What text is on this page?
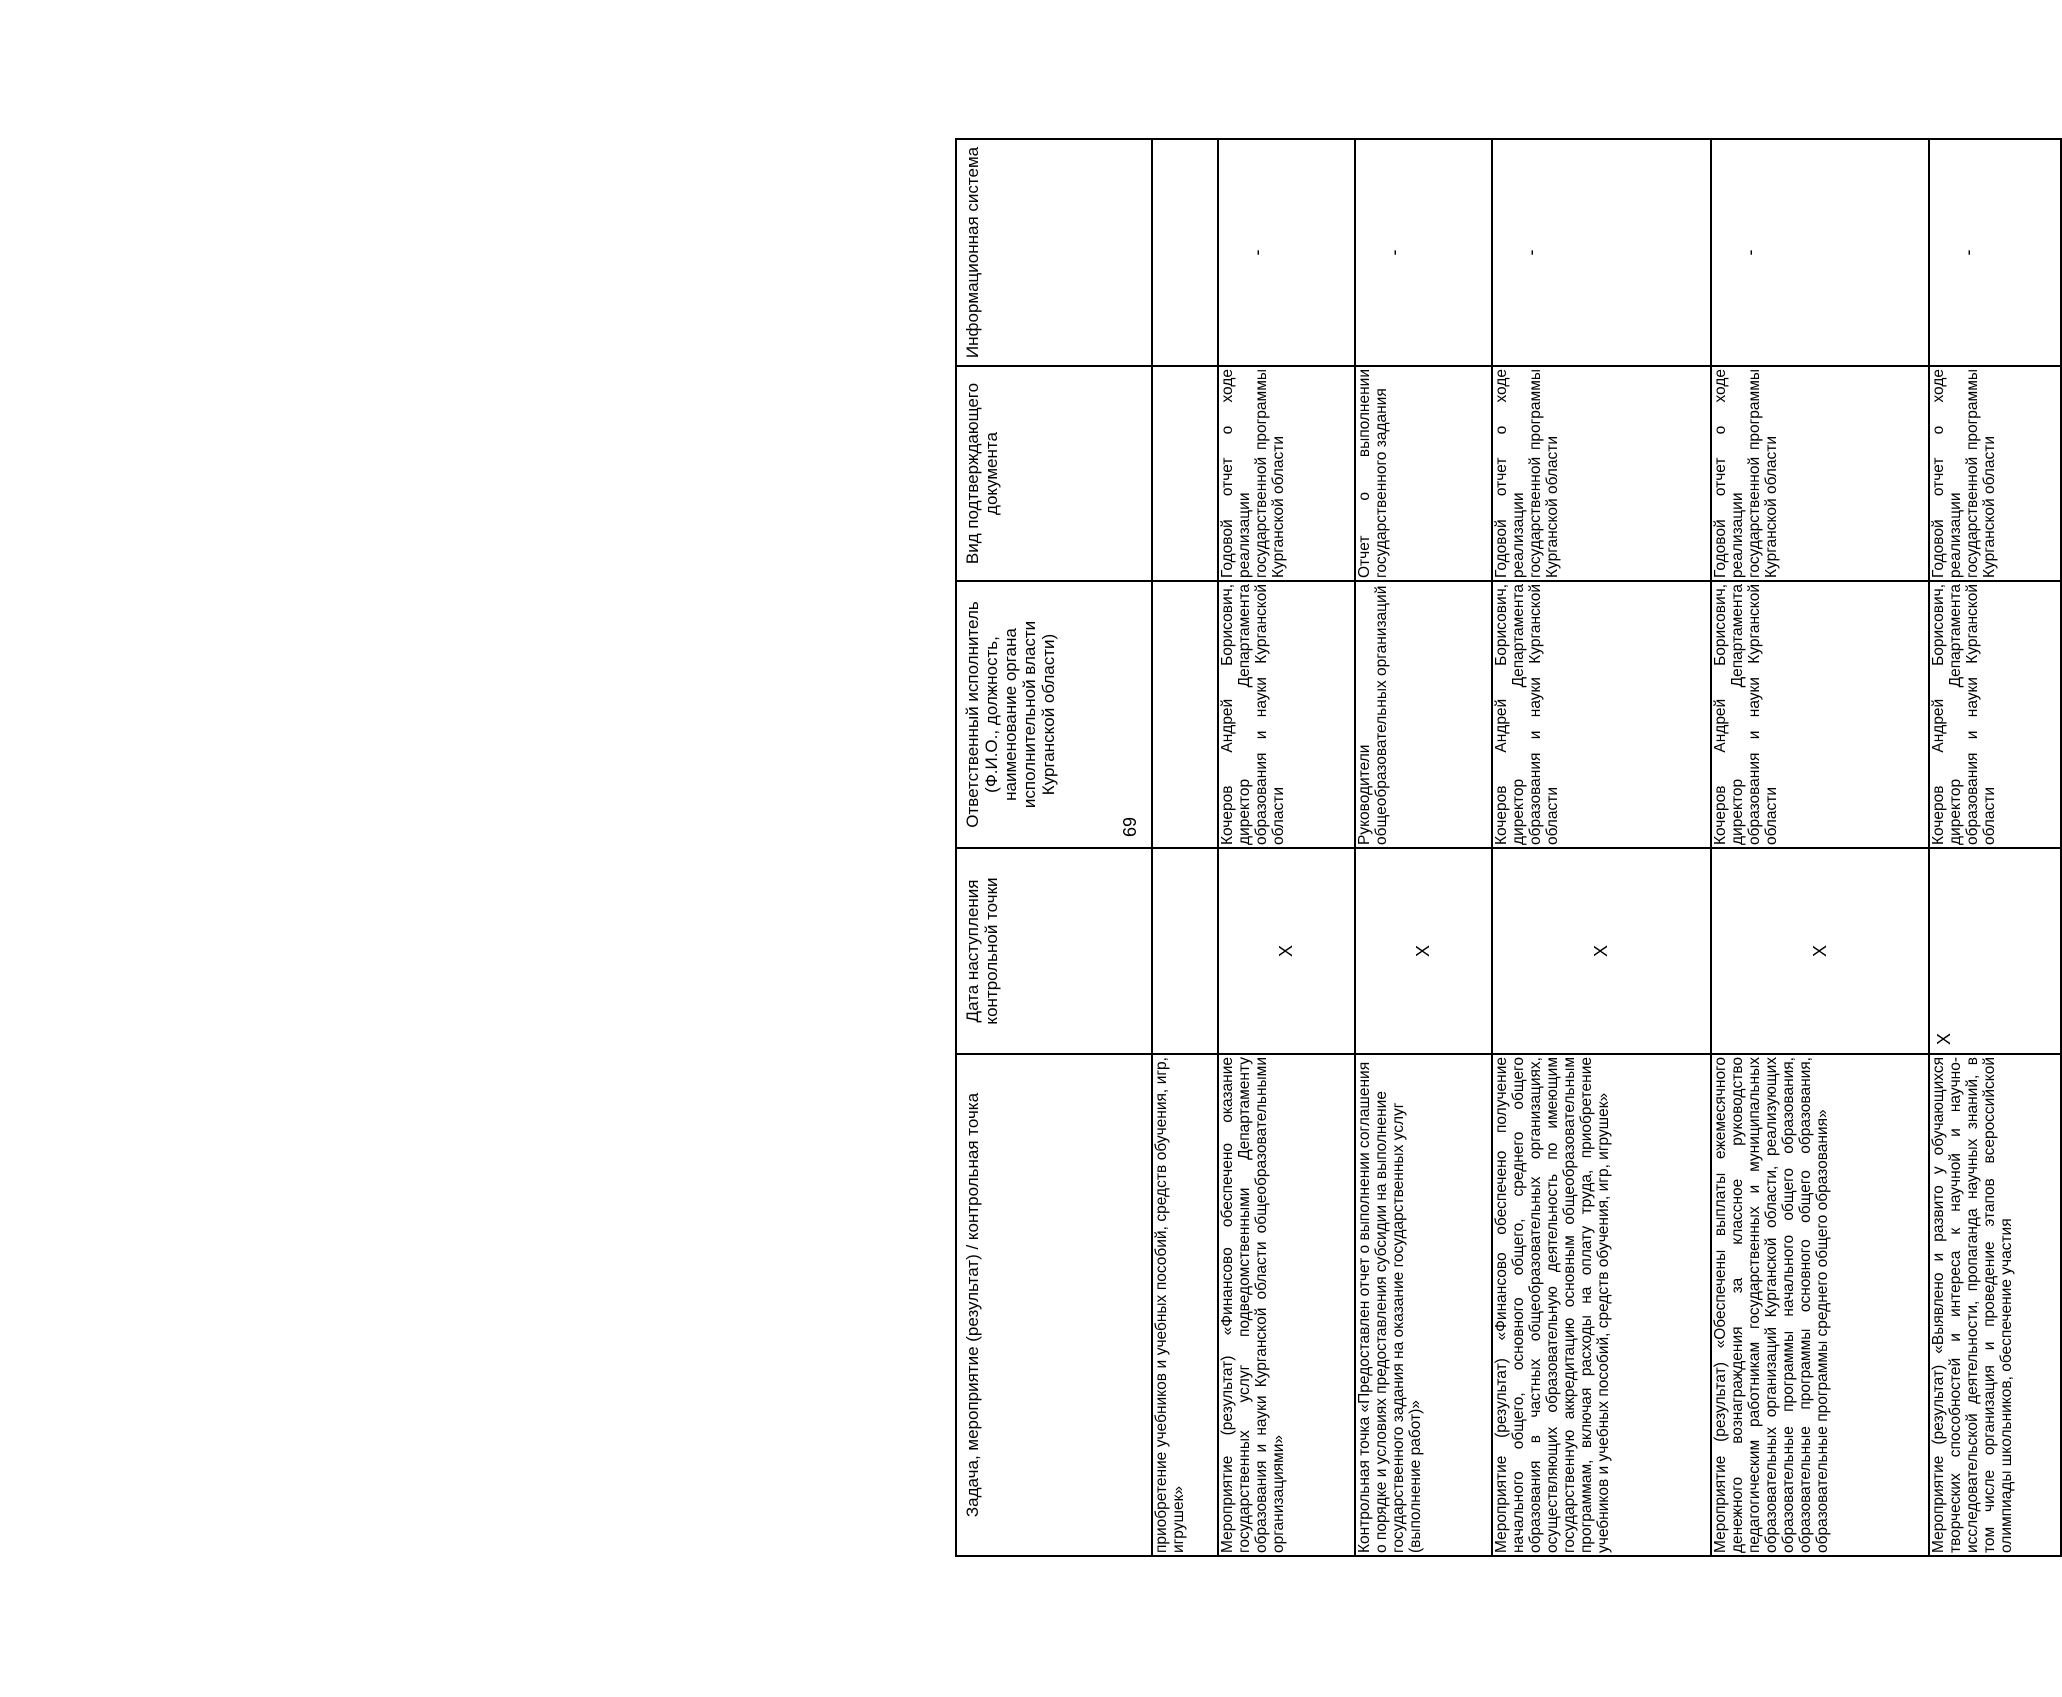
69
Задача, мероприятие (результат) / контрольная точка	Дата наступления контрольной точки	Ответственный исполнитель (Ф.И.О., должность, наименование органа исполнительной власти Курганской области)	Вид подтверждающего документа	Информационная система
приобретение учебников и учебных пособий, средств обучения, игр, игрушек»				
Мероприятие (результат) «Финансово обеспечено оказание государственных услуг подведомственными Департаменту образования и науки Курганской области общеобразовательными организациями»	X	Кочеров Андрей Борисович, директор Департамента образования и науки Курганской области	Годовой отчет о ходе реализации государственной программы Курганской области	-
Контрольная точка «Предоставлен отчет о выполнении соглашения о порядке и условиях предоставления субсидии на выполнение государственного задания на оказание государственных услуг (выполнение работ)»	X	Руководители общеобразовательных организаций	Отчет о выполнении государственного задания	-
Мероприятие (результат) «Финансово обеспечено получение начального общего, основного общего, среднего общего образования в частных общеобразовательных организациях, осуществляющих образовательную деятельность по имеющим государственную аккредитацию основным общеобразовательным программам, включая расходы на оплату труда, приобретение учебников и учебных пособий, средств обучения, игр, игрушек»	X	Кочеров Андрей Борисович, директор Департамента образования и науки Курганской области	Годовой отчет о ходе реализации государственной программы Курганской области	-
Мероприятие (результат) «Обеспечены выплаты ежемесячного денежного вознаграждения за классное руководство педагогическим работникам государственных и муниципальных образовательных организаций Курганской области, реализующих образовательные программы начального общего образования, образовательные программы основного общего образования, образовательные программы среднего общего образования»	X	Кочеров Андрей Борисович, директор Департамента образования и науки Курганской области	Годовой отчет о ходе реализации государственной программы Курганской области	-
Мероприятие (результат) «Выявлено и развито у обучающихся творческих способностей и интереса к научной и научно-исследовательской деятельности, пропаганда научных знаний, в том числе организация и проведение этапов всероссийской олимпиады школьников, обеспечение участия	X	Кочеров Андрей Борисович, директор Департамента образования и науки Курганской области	Годовой отчет о ходе реализации государственной программы Курганской области	-
